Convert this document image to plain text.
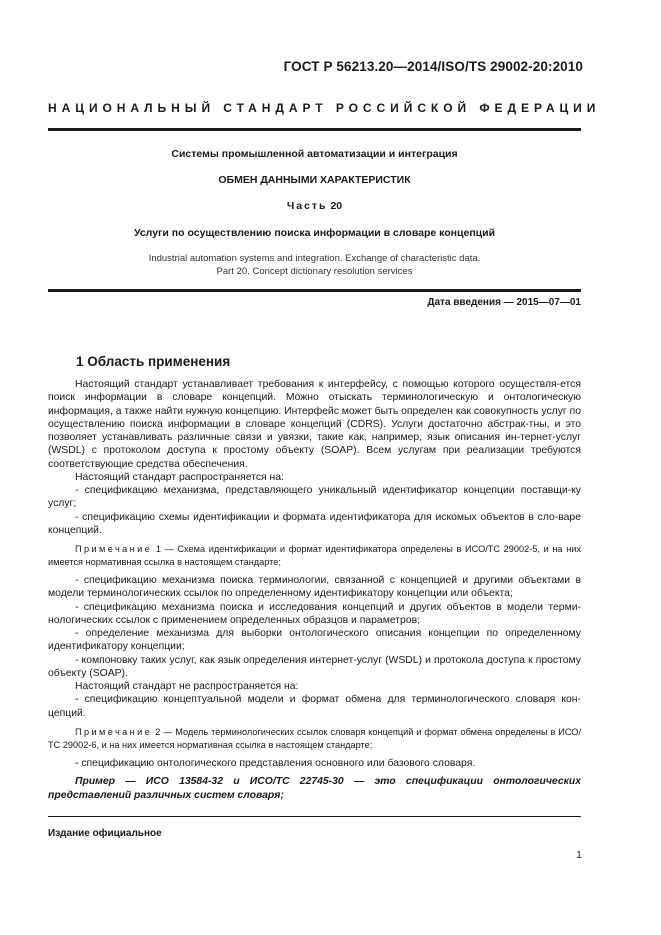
ГОСТ Р 56213.20—2014/ISO/TS 29002-20:2010
НАЦИОНАЛЬНЫЙ СТАНДАРТ РОССИЙСКОЙ ФЕДЕРАЦИИ
Системы промышленной автоматизации и интеграция
ОБМЕН ДАННЫМИ ХАРАКТЕРИСТИК
Часть 20
Услуги по осуществлению поиска информации в словаре концепций
Industrial automation systems and integration. Exchange of characteristic data.
Part 20. Concept dictionary resolution services
Дата введения — 2015—07—01
1 Область применения

Настоящий стандарт устанавливает требования к интерфейсу, с помощью которого осуществля-ется поиск информации в словаре концепций. Можно отыскать терминологическую и онтологическую информация, а также найти нужную концепцию. Интерфейс может быть определен как совокупность услуг по осуществлению поиска информации в словаре концепций (CDRS). Услуги достаточно абстрак-тны, и это позволяет устанавливать различные связи и увязки, такие как, например, язык описания ин-тернет-услуг (WSDL) с протоколом доступа к простому объекту (SOAP). Всем услугам при реализации требуются соответствующие средства обеспечения.

Настоящий стандарт распространяется на:

- спецификацию механизма, представляющего уникальный идентификатор концепции поставщи-ку услуг;

- спецификацию схемы идентификации и формата идентификатора для искомых объектов в сло-варе концепций.

Примечание 1 — Схема идентификации и формат идентификатора определены в ИСО/ТС 29002-5, и на них имеется нормативная ссылка в настоящем стандарте;

- спецификацию механизма поиска терминологии, связанной с концепцией и другими объектами в модели терминологических ссылок по определенному идентификатору концепции или объекта;

- спецификацию механизма поиска и исследования концепций и других объектов в модели терми-нологических ссылок с применением определенных образцов и параметров;

- определение механизма для выборки онтологического описания концепции по определенному идентификатору концепции;

- компоновку таких услуг, как язык определения интернет-услуг (WSDL) и протокола доступа к простому объекту (SOAP).

Настоящий стандарт не распространяется на:

- спецификацию концептуальной модели и формат обмена для терминологического словаря кон-цепций.

Примечание 2 — Модель терминологических ссылок словаря концепций и формат обмена определены в ИСО/ТС 29002-6, и на них имеется нормативная ссылка в настоящем стандарте;

- спецификацию онтологического представления основного или базового словаря.

Пример — ИСО 13584-32 и ИСО/ТС 22745-30 — это спецификации онтологических представлений различных систем словаря;

Издание официальное
1
